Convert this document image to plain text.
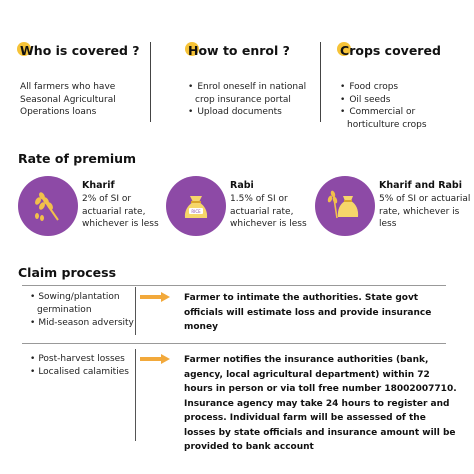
Who is covered ?
All farmers who have Seasonal Agricultural Operations loans
How to enrol ?
• Enrol oneself in national crop insurance portal
• Upload documents
Crops covered
• Food crops
• Oil seeds
• Commercial or horticulture crops
Rate of premium
Kharif
2% of SI or actuarial rate, whichever is less
RICE
Rabi
1.5% of SI or actuarial rate, whichever is less
Kharif and Rabi
5% of SI or actuarial rate, whichever is less
Claim process
• Sowing/plantation germination
• Mid-season adversity
Farmer to intimate the authorities. State govt officials will estimate loss and provide insurance money
• Post-harvest losses
• Localised calamities
Farmer notifies the insurance authorities (bank, agency, local agricultural department) within 72 hours in person or via toll free number 18002007710. Insurance agency may take 24 hours to register and process. Individual farm will be assessed of the losses by state officials and insurance amount will be provided to bank account
